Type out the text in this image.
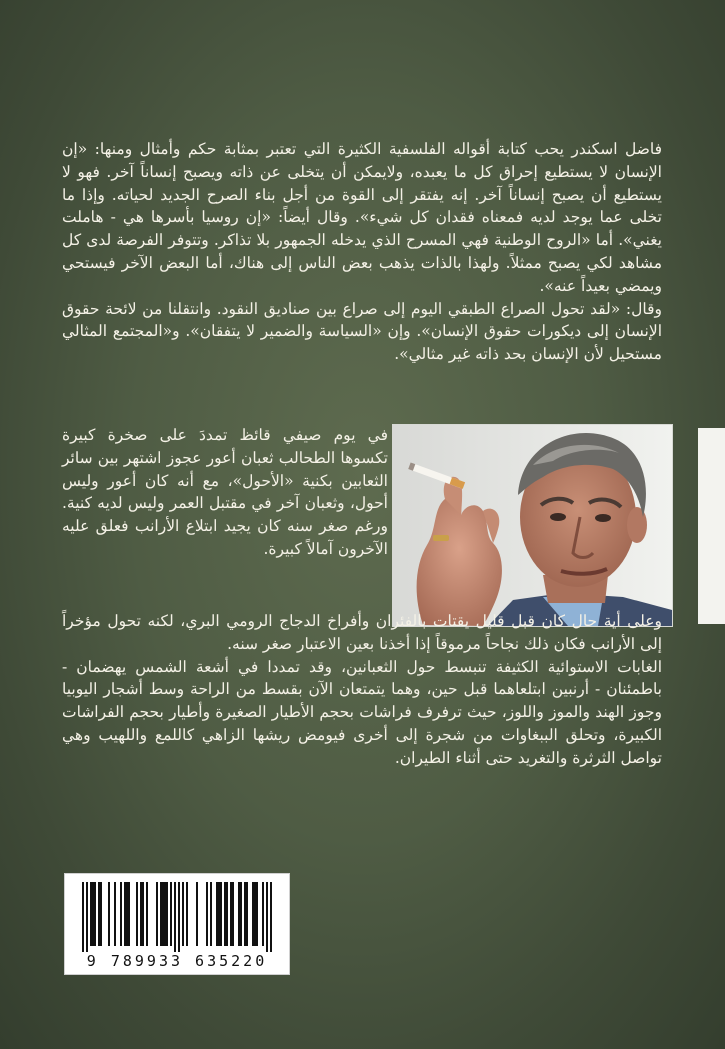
فاضل اسكندر يحب كتابة أقواله الفلسفية الكثيرة التي تعتبر بمثابة حكم وأمثال ومنها: «إن الإنسان لا يستطيع إحراق كل ما يعبده، ولايمكن أن يتخلى عن ذاته ويصبح إنساناً آخر. فهو لا يستطيع أن يصبح إنساناً آخر. إنه يفتقر إلى القوة من أجل بناء الصرح الجديد لحياته. وإذا ما تخلى عما يوجد لديه فمعناه فقدان كل شيء». وقال أيضاً: «إن روسيا بأسرها هي - هاملت يغني». أما «الروح الوطنية فهي المسرح الذي يدخله الجمهور بلا تذاكر. وتتوفر الفرصة لدى كل مشاهد لكي يصبح ممثلاً. ولهذا بالذات يذهب بعض الناس إلى هناك، أما البعض الآخر فيستحي ويمضي بعيداً عنه».

وقال: «لقد تحول الصراع الطبقي اليوم إلى صراع بين صناديق النقود. وانتقلنا من لائحة حقوق الإنسان إلى ديكورات حقوق الإنسان». وإن «السياسة والضمير لا يتفقان». و«المجتمع المثالي مستحيل لأن الإنسان بحد ذاته غير مثالي».

في يوم صيفي قائظ تمددَ على صخرة كبيرة تكسوها الطحالب ثعبان أعور عجوز اشتهر بين سائر الثعابين بكنية «الأحول»، مع أنه كان أعور وليس أحول، وثعبان آخر في مقتبل العمر وليس لديه كنية. ورغم صغر سنه كان يجيد ابتلاع الأرانب فعلق عليه الآخرون آمالاً كبيرة.

وعلى أية حال كان قبل قليل يقتات بالفئران وأفراخ الدجاج الرومي البري، لكنه تحول مؤخراً إلى الأرانب فكان ذلك نجاحاً مرموقاً إذا أخذنا بعين الاعتبار صغر سنه.

الغابات الاستوائية الكثيفة تنبسط حول الثعبانين، وقد تمددا في أشعة الشمس يهضمان - باطمئنان - أرنبين ابتلعاهما قبل حين، وهما يتمتعان الآن بقسط من الراحة وسط أشجار اليوبيا وجوز الهند والموز واللوز، حيث ترفرف فراشات بحجم الأطيار الصغيرة وأطيار بحجم الفراشات الكبيرة، وتحلق الببغاوات من شجرة إلى أخرى فيومض ريشها الزاهي كاللمع واللهيب وهي تواصل الثرثرة والتغريد حتى أثناء الطيران.

9 789933 635220
